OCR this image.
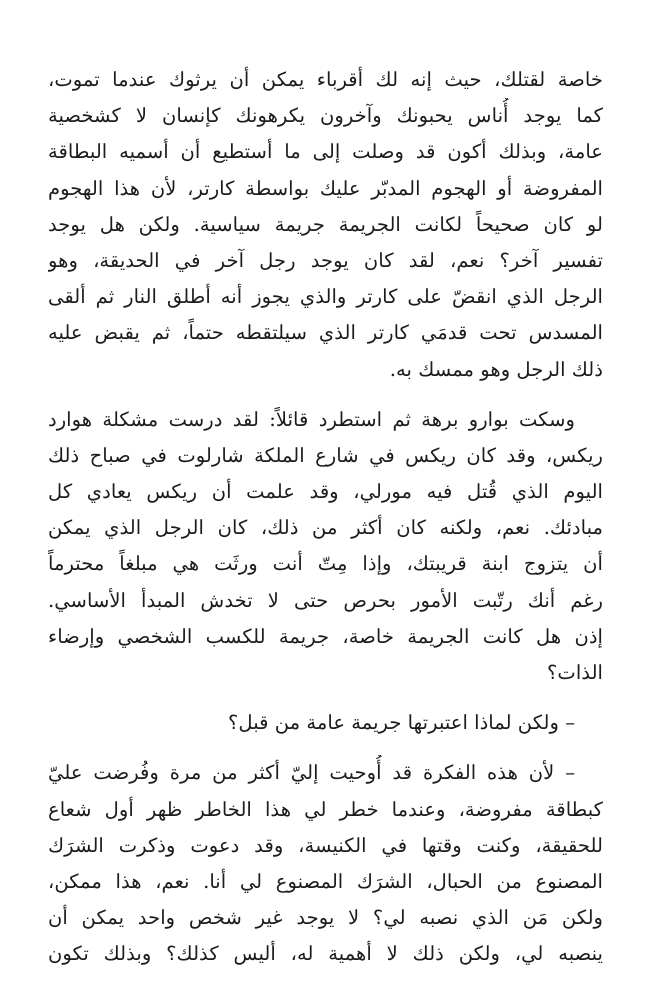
خاصة لقتلك، حيث إنه لك أقرباء يمكن أن يرثوك عندما تموت،
كما يوجد أُناس يحبونك وآخرون يكرهونك كإنسان لا كشخصية
عامة، وبذلك أكون قد وصلت إلى ما أستطيع أن أسميه البطاقة
المفروضة أو الهجوم المدبّر عليك بواسطة كارتر، لأن هذا الهجوم
لو كان صحيحاً لكانت الجريمة جريمة سياسية. ولكن هل يوجد
تفسير آخر؟ نعم، لقد كان يوجد رجل آخر في الحديقة، وهو
الرجل الذي انقضّ على كارتر والذي يجوز أنه أطلق النار ثم ألقى
المسدس تحت قدمَي كارتر الذي سيلتقطه حتماً، ثم يقبض عليه
ذلك الرجل وهو ممسك به.
وسكت بوارو برهة ثم استطرد قائلاً: لقد درست مشكلة هوارد
ريكس، وقد كان ريكس في شارع الملكة شارلوت في صباح ذلك
اليوم الذي قُتل فيه مورلي، وقد علمت أن ريكس يعادي كل
مبادئك. نعم، ولكنه كان أكثر من ذلك، كان الرجل الذي يمكن
أن يتزوج ابنة قريبتك، وإذا مِتّ أنت ورثَت هي مبلغاً محترماً
رغم أنك رتّبت الأمور بحرص حتى لا تخدش المبدأ الأساسي.
إذن هل كانت الجريمة خاصة، جريمة للكسب الشخصي وإرضاء
الذات؟
– ولكن لماذا اعتبرتها جريمة عامة من قبل؟
– لأن هذه الفكرة قد أُوحيت إليّ أكثر من مرة وفُرضت عليّ
كبطاقة مفروضة، وعندما خطر لي هذا الخاطر ظهر أول شعاع
للحقيقة، وكنت وقتها في الكنيسة، وقد دعوت وذكرت الشرَك
المصنوع من الحبال، الشرَك المصنوع لي أنا. نعم، هذا ممكن،
ولكن مَن الذي نصبه لي؟ لا يوجد غير شخص واحد يمكن أن
ينصبه لي، ولكن ذلك لا أهمية له، أليس كذلك؟ وبذلك تكون
